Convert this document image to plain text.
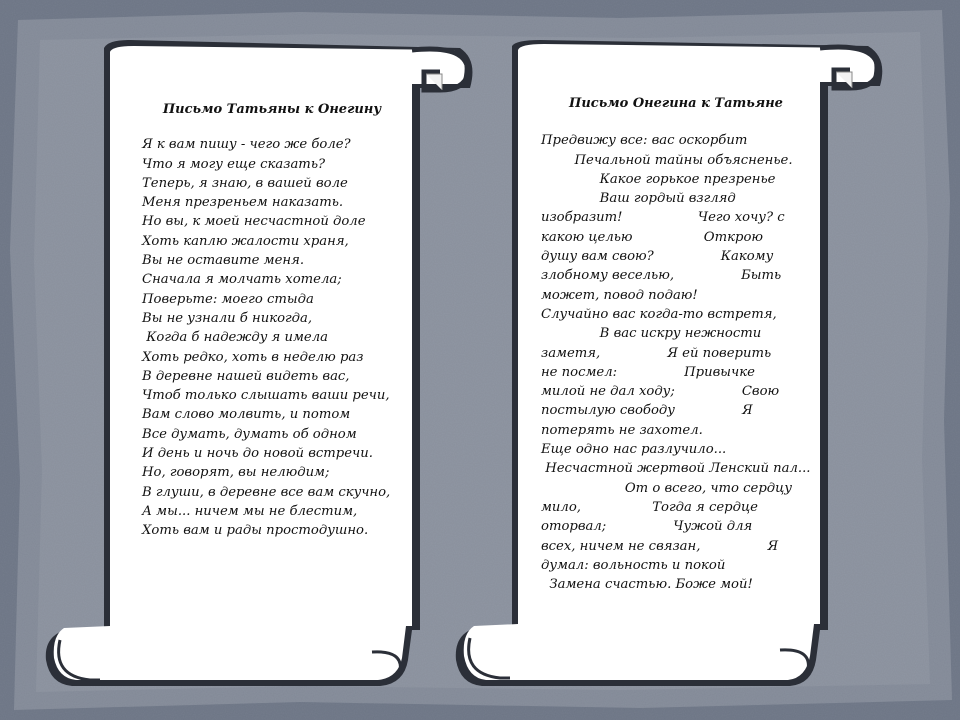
Письмо Татьяны к Онегину
Я к вам пишу - чего же боле?
Что я могу еще сказать?
Теперь, я знаю, в вашей воле
Меня презреньем наказать.
Но вы, к моей несчастной доле
Хоть каплю жалости храня,
Вы не оставите меня.
Сначала я молчать хотела;
Поверьте: моего стыда
Вы не узнали б никогда,
Когда б надежду я имела
Хоть редко, хоть в неделю раз
В деревне нашей видеть вас,
Чтоб только слышать ваши речи,
Вам слово молвить, и потом
Все думать, думать об одном
И день и ночь до новой встречи.
Но, говорят, вы нелюдим;
В глуши, в деревне все вам скучно,
А мы... ничем мы не блестим,
Хоть вам и рады простодушно.
Письмо Онегина к Татьяне
Предвижу все: вас оскорбит
Печальной тайны объясненье.
Какое горькое презренье
Ваш гордый взгляд
изобразит!                  Чего хочу? с
какою целью                 Открою
душу вам свою?                Какому
злобному веселью,                Быть
может, повод подаю!
Случайно вас когда-то встретя,
В вас искру нежности
заметя,                Я ей поверить
не посмел:                Привычке
милой не дал ходу;                Свою
постылую свободу                Я
потерять не захотел.
Еще одно нас разлучило...
Несчастной жертвой Ленский пал...
От о всего, что сердцу
мило,                 Тогда я сердце
оторвал;                Чужой для
всех, ничем не связан,                Я
думал: вольность и покой
Замена счастью. Боже мой!
